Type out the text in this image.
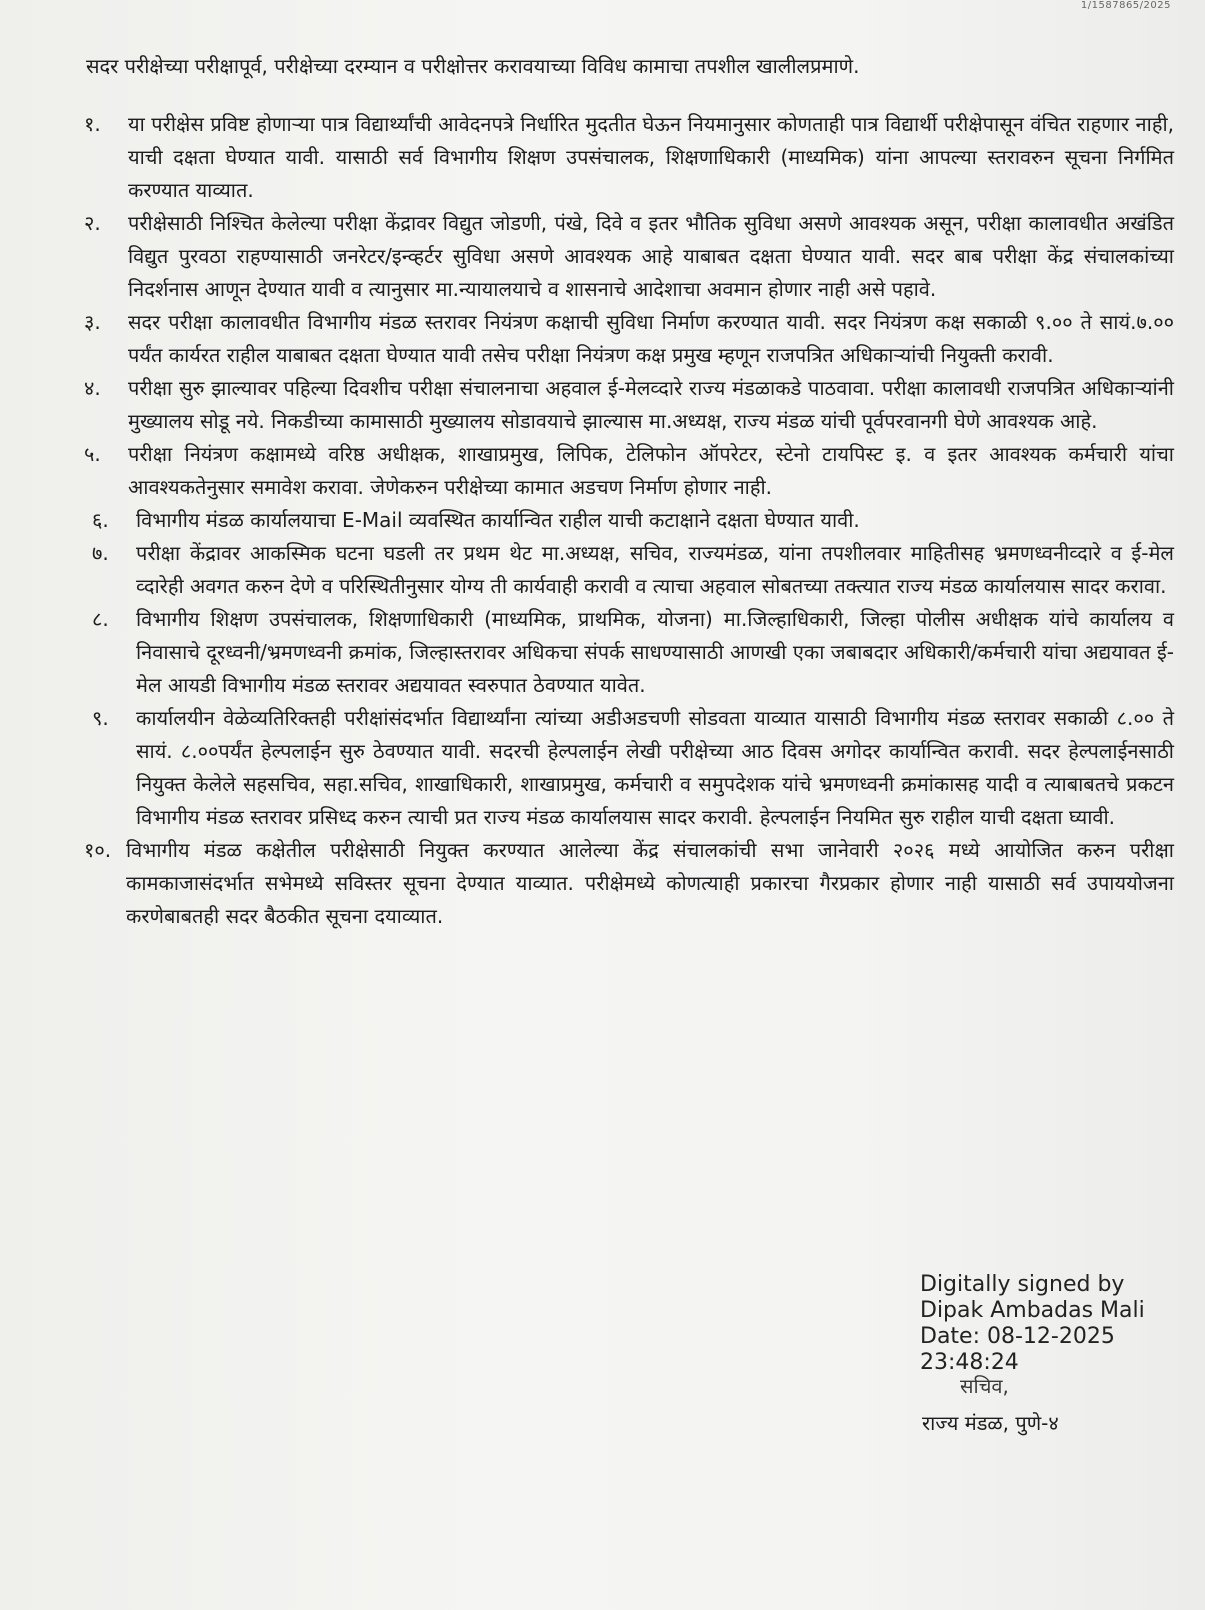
1/1587865/2025
सदर परीक्षेच्या परीक्षापूर्व, परीक्षेच्या दरम्यान व परीक्षोत्तर करावयाच्या विविध कामाचा तपशील खालीलप्रमाणे.
१.	या परीक्षेस प्रविष्ट होणाऱ्या पात्र विद्यार्थ्यांची आवेदनपत्रे निर्धारित मुदतीत घेऊन नियमानुसार कोणताही पात्र विद्यार्थी परीक्षेपासून वंचित राहणार नाही, याची दक्षता घेण्यात यावी. यासाठी सर्व विभागीय शिक्षण उपसंचालक, शिक्षणाधिकारी (माध्यमिक) यांना आपल्या स्तरावरुन सूचना निर्गमित करण्यात याव्यात.
२.	परीक्षेसाठी निश्चित केलेल्या परीक्षा केंद्रावर विद्युत जोडणी, पंखे, दिवे व इतर भौतिक सुविधा असणे आवश्यक असून, परीक्षा कालावधीत अखंडित विद्युत पुरवठा राहण्यासाठी जनरेटर/इन्व्हर्टर सुविधा असणे आवश्यक आहे याबाबत दक्षता घेण्यात यावी. सदर बाब परीक्षा केंद्र संचालकांच्या निदर्शनास आणून देण्यात यावी व त्यानुसार मा.न्यायालयाचे व शासनाचे आदेशाचा अवमान होणार नाही असे पहावे.
३.	सदर परीक्षा कालावधीत विभागीय मंडळ स्तरावर नियंत्रण कक्षाची सुविधा निर्माण करण्यात यावी. सदर नियंत्रण कक्ष सकाळी ९.०० ते सायं.७.०० पर्यंत कार्यरत राहील याबाबत दक्षता घेण्यात यावी तसेच परीक्षा नियंत्रण कक्ष प्रमुख म्हणून राजपत्रित अधिकाऱ्यांची नियुक्ती करावी.
४.	परीक्षा सुरु झाल्यावर पहिल्या दिवशीच परीक्षा संचालनाचा अहवाल ई-मेलव्दारे राज्य मंडळाकडे पाठवावा. परीक्षा कालावधी राजपत्रित अधिकाऱ्यांनी मुख्यालय सोडू नये. निकडीच्या कामासाठी मुख्यालय सोडावयाचे झाल्यास मा.अध्यक्ष, राज्य मंडळ यांची पूर्वपरवानगी घेणे आवश्यक आहे.
५.	परीक्षा नियंत्रण कक्षामध्ये वरिष्ठ अधीक्षक, शाखाप्रमुख, लिपिक, टेलिफोन ऑपरेटर, स्टेनो टायपिस्ट इ. व इतर आवश्यक कर्मचारी यांचा आवश्यकतेनुसार समावेश करावा. जेणेकरुन परीक्षेच्या कामात अडचण निर्माण होणार नाही.
६.	विभागीय मंडळ कार्यालयाचा E-Mail व्यवस्थित कार्यान्वित राहील याची कटाक्षाने दक्षता घेण्यात यावी.
७.	परीक्षा केंद्रावर आकस्मिक घटना घडली तर प्रथम थेट मा.अध्यक्ष, सचिव, राज्यमंडळ, यांना तपशीलवार माहितीसह भ्रमणध्वनीव्दारे व ई-मेल व्दारेही अवगत करुन देणे व परिस्थितीनुसार योग्य ती कार्यवाही करावी व त्याचा अहवाल सोबतच्या तक्त्यात राज्य मंडळ कार्यालयास सादर करावा.
८.	विभागीय शिक्षण उपसंचालक, शिक्षणाधिकारी (माध्यमिक, प्राथमिक, योजना) मा.जिल्हाधिकारी, जिल्हा पोलीस अधीक्षक यांचे कार्यालय व निवासाचे दूरध्वनी/भ्रमणध्वनी क्रमांक, जिल्हास्तरावर अधिकचा संपर्क साधण्यासाठी आणखी एका जबाबदार अधिकारी/कर्मचारी यांचा अद्ययावत ई-मेल आयडी विभागीय मंडळ स्तरावर अद्ययावत स्वरुपात ठेवण्यात यावेत.
९.	कार्यालयीन वेळेव्यतिरिक्तही परीक्षांसंदर्भात विद्यार्थ्यांना त्यांच्या अडीअडचणी सोडवता याव्यात यासाठी विभागीय मंडळ स्तरावर सकाळी ८.०० ते सायं. ८.००पर्यंत हेल्पलाईन सुरु ठेवण्यात यावी. सदरची हेल्पलाईन लेखी परीक्षेच्या आठ दिवस अगोदर कार्यान्वित करावी. सदर हेल्पलाईनसाठी नियुक्त केलेले सहसचिव, सहा.सचिव, शाखाधिकारी, शाखाप्रमुख, कर्मचारी व समुपदेशक यांचे भ्रमणध्वनी क्रमांकासह यादी व त्याबाबतचे प्रकटन विभागीय मंडळ स्तरावर प्रसिध्द करुन त्याची प्रत राज्य मंडळ कार्यालयास सादर करावी. हेल्पलाईन नियमित सुरु राहील याची दक्षता घ्यावी.
१०. विभागीय मंडळ कक्षेतील परीक्षेसाठी नियुक्त करण्यात आलेल्या केंद्र संचालकांची सभा जानेवारी २०२६ मध्ये आयोजित करुन परीक्षा कामकाजासंदर्भात सभेमध्ये सविस्तर सूचना देण्यात याव्यात. परीक्षेमध्ये कोणत्याही प्रकारचा गैरप्रकार होणार नाही यासाठी सर्व उपाययोजना करणेबाबतही सदर बैठकीत सूचना दयाव्यात.
Digitally signed by
Dipak Ambadas Mali
Date: 08-12-2025
23:48:24
सचिव,
राज्य मंडळ, पुणे-४
